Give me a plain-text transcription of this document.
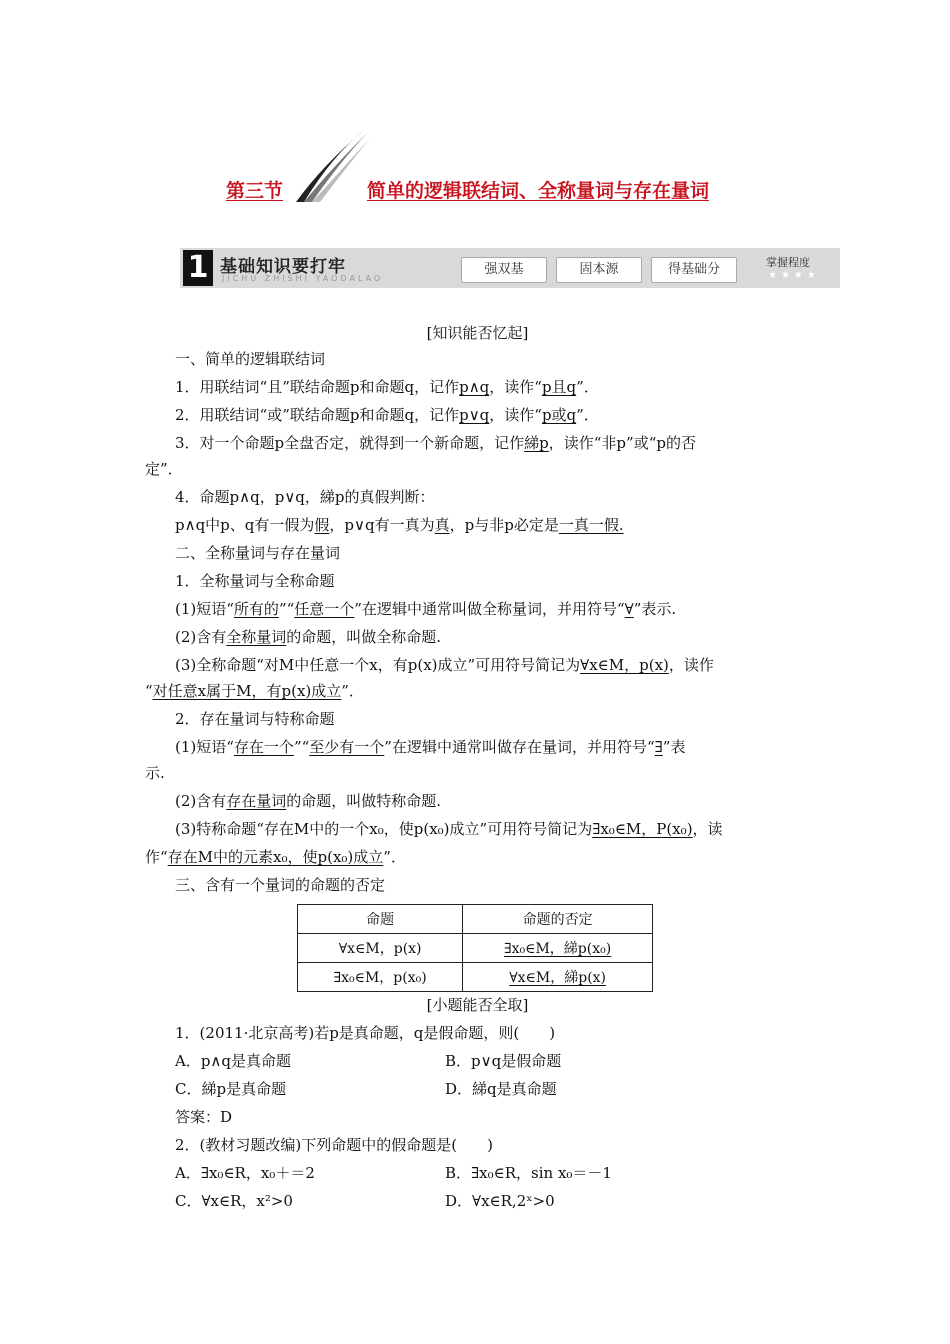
第三节	简单的逻辑联结词、全称量词与存在量词
1 基础知识要打牢
JICHU ZHISHI YAODALAO
强双基	固本源	得基础分	掌握程度
★★★★
[知识能否忆起]
一、简单的逻辑联结词
1．用联结词“且”联结命题p和命题q，记作p∧q，读作“p且q”．
2．用联结词“或”联结命题p和命题q，记作p∨q，读作“p或q”．
3．对一个命题p全盘否定，就得到一个新命题，记作綈p，读作“非p”或“p的否
定”．
4．命题p∧q，p∨q，綈p的真假判断：
p∧q中p、q有一假为假，p∨q有一真为真，p与非p必定是一真一假.
二、全称量词与存在量词
1．全称量词与全称命题
(1)短语“所有的”“任意一个”在逻辑中通常叫做全称量词，并用符号“∀”表示.
(2)含有全称量词的命题，叫做全称命题.
(3)全称命题“对M中任意一个x，有p(x)成立”可用符号简记为∀x∈M，p(x)，读作
“对任意x属于M，有p(x)成立”．
2．存在量词与特称命题
(1)短语“存在一个”“至少有一个”在逻辑中通常叫做存在量词，并用符号“∃”表
示.
(2)含有存在量词的命题，叫做特称命题.
(3)特称命题“存在M中的一个x₀，使p(x₀)成立”可用符号简记为∃x₀∈M，P(x₀)，读
作“存在M中的元素x₀，使p(x₀)成立”．
三、含有一个量词的命题的否定
命题	命题的否定
∀x∈M，p(x)	∃x₀∈M，綈p(x₀)
∃x₀∈M，p(x₀)	∀x∈M，綈p(x)
[小题能否全取]
1．(2011·北京高考)若p是真命题，q是假命题，则(　　)
A．p∧q是真命题	B．p∨q是假命题
C．綈p是真命题	D．綈q是真命题
答案：D
2．(教材习题改编)下列命题中的假命题是(　　)
A．∃x₀∈R，x₀＋＝2	B．∃x₀∈R，sin x₀＝－1
C．∀x∈R，x²>0	D．∀x∈R,2ˣ>0
